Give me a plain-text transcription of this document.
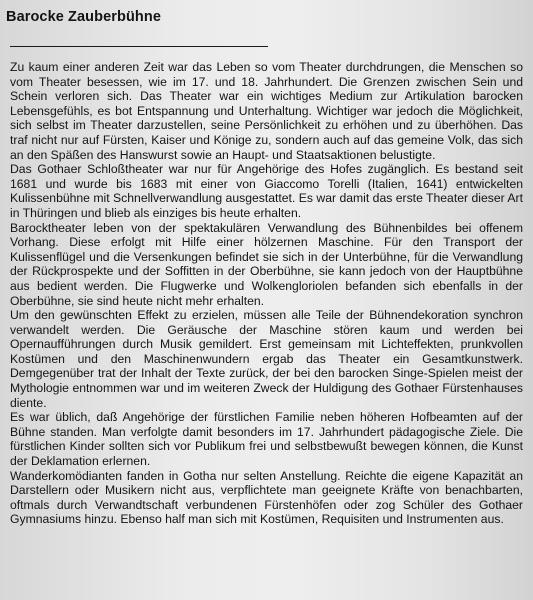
Barocke Zauberbühne

Zu kaum einer anderen Zeit war das Leben so vom Theater durchdrungen, die Menschen so vom Theater besessen, wie im 17. und 18. Jahrhundert. Die Grenzen zwischen Sein und Schein verloren sich. Das Theater war ein wichtiges Medium zur Artikulation barocken Lebensgefühls, es bot Entspannung und Unterhaltung. Wichtiger war jedoch die Möglichkeit, sich selbst im Theater darzustellen, seine Persönlichkeit zu erhöhen und zu überhöhen. Das traf nicht nur auf Fürsten, Kaiser und Könige zu, sondern auch auf das gemeine Volk, das sich an den Späßen des Hanswurst sowie an Haupt- und Staatsaktionen belustigte.

Das Gothaer Schloßtheater war nur für Angehörige des Hofes zugänglich. Es bestand seit 1681 und wurde bis 1683 mit einer von Giaccomo Torelli (Italien, 1641) entwickelten Kulissenbühne mit Schnellverwandlung ausgestattet. Es war damit das erste Theater dieser Art in Thüringen und blieb als einziges bis heute erhalten.

Barocktheater leben von der spektakulären Verwandlung des Bühnenbildes bei offenem Vorhang. Diese erfolgt mit Hilfe einer hölzernen Maschine. Für den Transport der Kulissenflügel und die Versenkungen befindet sie sich in der Unterbühne, für die Verwandlung der Rückprospekte und der Soffitten in der Oberbühne, sie kann jedoch von der Hauptbühne aus bedient werden. Die Flugwerke und Wolkengloriolen befanden sich ebenfalls in der Oberbühne, sie sind heute nicht mehr erhalten.

Um den gewünschten Effekt zu erzielen, müssen alle Teile der Bühnendekoration synchron verwandelt werden. Die Geräusche der Maschine stören kaum und werden bei Opernaufführungen durch Musik gemildert. Erst gemeinsam mit Lichteffekten, prunkvollen Kostümen und den Maschinenwundern ergab das Theater ein Gesamtkunstwerk. Demgegenüber trat der Inhalt der Texte zurück, der bei den barocken Singe-Spielen meist der Mythologie entnommen war und im weiteren Zweck der Huldigung des Gothaer Fürstenhauses diente.

Es war üblich, daß Angehörige der fürstlichen Familie neben höheren Hofbeamten auf der Bühne standen. Man verfolgte damit besonders im 17. Jahrhundert pädagogische Ziele. Die fürstlichen Kinder sollten sich vor Publikum frei und selbstbewußt bewegen können, die Kunst der Deklamation erlernen.

Wanderkomödianten fanden in Gotha nur selten Anstellung. Reichte die eigene Kapazität an Darstellern oder Musikern nicht aus, verpflichtete man geeignete Kräfte von benachbarten, oftmals durch Verwandtschaft verbundenen Fürstenhöfen oder zog Schüler des Gothaer Gymnasiums hinzu. Ebenso half man sich mit Kostümen, Requisiten und Instrumenten aus.
